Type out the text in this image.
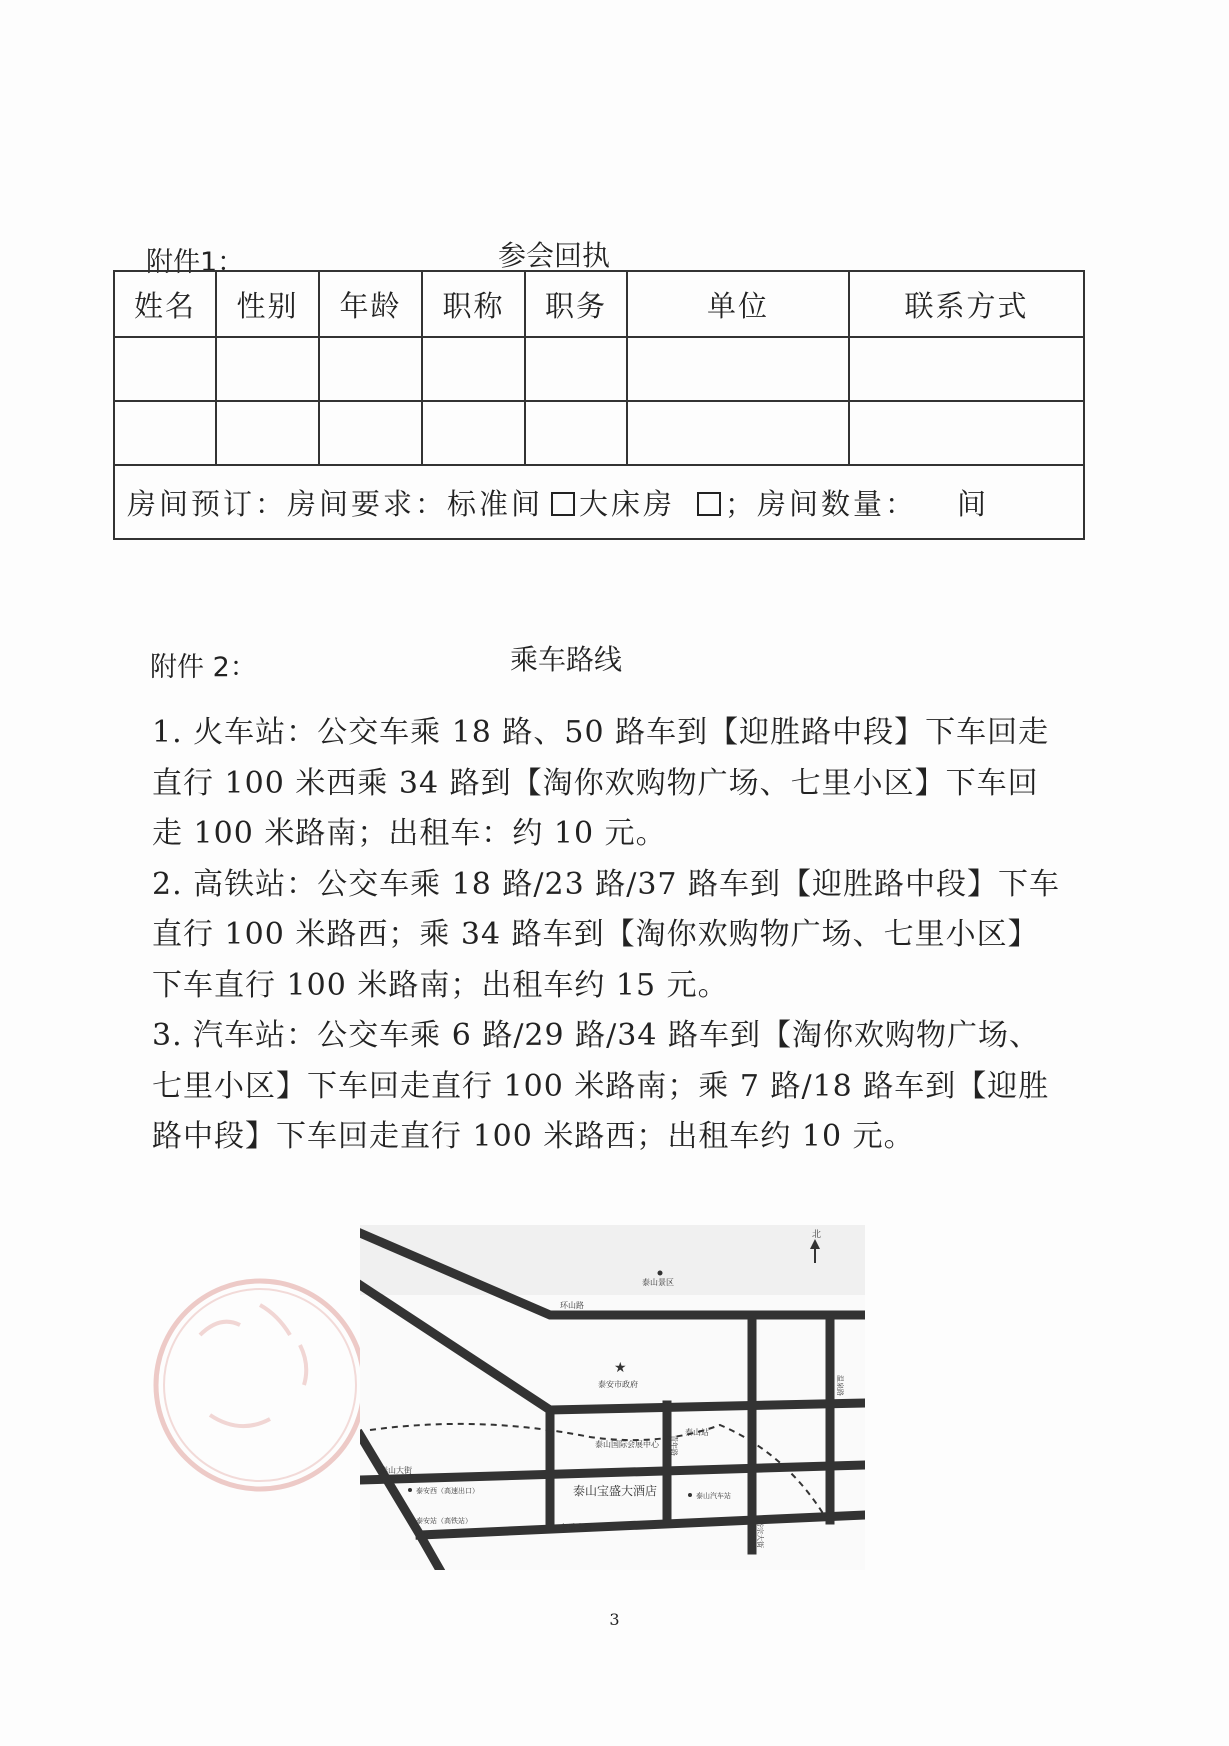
附件1：	参会回执
姓名	性别	年龄	职称	职务	单位	联系方式

房间预订：房间要求：标准间 大床房 ；房间数量： 间						
附件 2：	乘车路线

1. 火车站：公交车乘 18 路、50 路车到【迎胜路中段】下车回走直行 100 米西乘 34 路到【淘你欢购物广场、七里小区】下车回走 100 米路南；出租车：约 10 元。

2. 高铁站：公交车乘 18 路/23 路/37 路车到【迎胜路中段】下车直行 100 米路西；乘 34 路车到【淘你欢购物广场、七里小区】下车直行 100 米路南；出租车约 15 元。

3. 汽车站：公交车乘 6 路/29 路/34 路车到【淘你欢购物广场、七里小区】下车回走直行 100 米路南；乘 7 路/18 路车到【迎胜路中段】下车回走直行 100 米路西；出租车约 10 元。

北
泰山景区
环山路
迎胜大街	★
泰安市政府
泰山国际会展中心
泰山站
泰山大街
泰安西（高速出口）
泰安站（高铁站）
泰山宝盛大酒店	泰山汽车站
东岳大街
温泉路
青年路
岱宗大街
3
